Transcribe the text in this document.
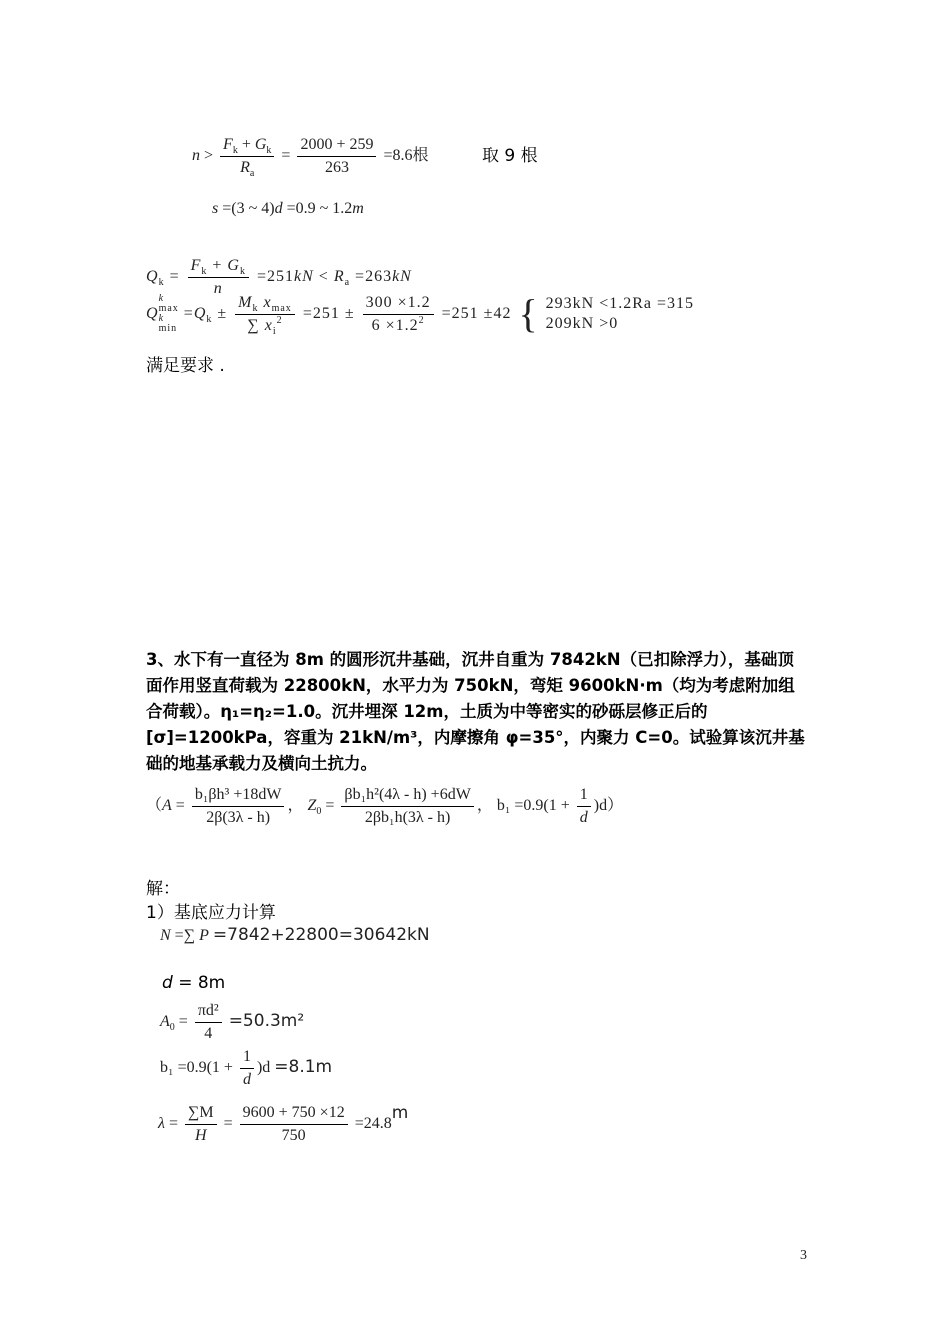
$n > \frac{F_k + G_k}{R_a} = \frac{2000 + 259}{263} =8.6$根	取 9 根
s =(3 ~ 4)d =0.9 ~ 1.2m
$Q_k = \frac{F_k + G_k}{n} =251kN < R_a =263kN$
Q
k
max
k
min
$=Q_k \pm \frac{M_k x_{max}}{\sum x_i^2} =251 \pm \frac{300 \times 1.2}{6 \times 1.2^2} =251 \pm 42$ { 293kN <1.2Ra =315
209kN >0
满足要求 .
3、水下有一直径为 8m 的圆形沉井基础，沉井自重为 7842kN（已扣除浮力），基础顶面作用竖直荷载为 22800kN，水平力为 750kN，弯矩 9600kN·m（均为考虑附加组合荷载）。η₁=η₂=1.0。沉井埋深 12m，土质为中等密实的砂砾层修正后的[σ]=1200kPa，容重为 21kN/m³，内摩擦角 φ=35°，内聚力 C=0。试验算该沉井基础的地基承载力及横向土抗力。
（$A = \frac{\text{b₁βh³ +18dW}}{2\beta(3\lambda - h)}$ ， $Z_0 = \frac{\text{βb₁h²(4λ - h) +6dW}}{\text{2βb₁h(3λ - h)}}$ ， $b_1 =0.9(1 + \frac{1}{d} )d$）
解：
1）基底应力计算
N =∑ P =7842+22800=30642kN
d = 8m
$A_0 = \frac{\text{πd²}}{4} =50.3m^2$
$b_1 =0.9(1 + \frac{1}{d} )d =8.1m$
$\lambda = \frac{\sum M}{H} = \frac{9600 + 750 \times 12}{750} =24.8m$
3
